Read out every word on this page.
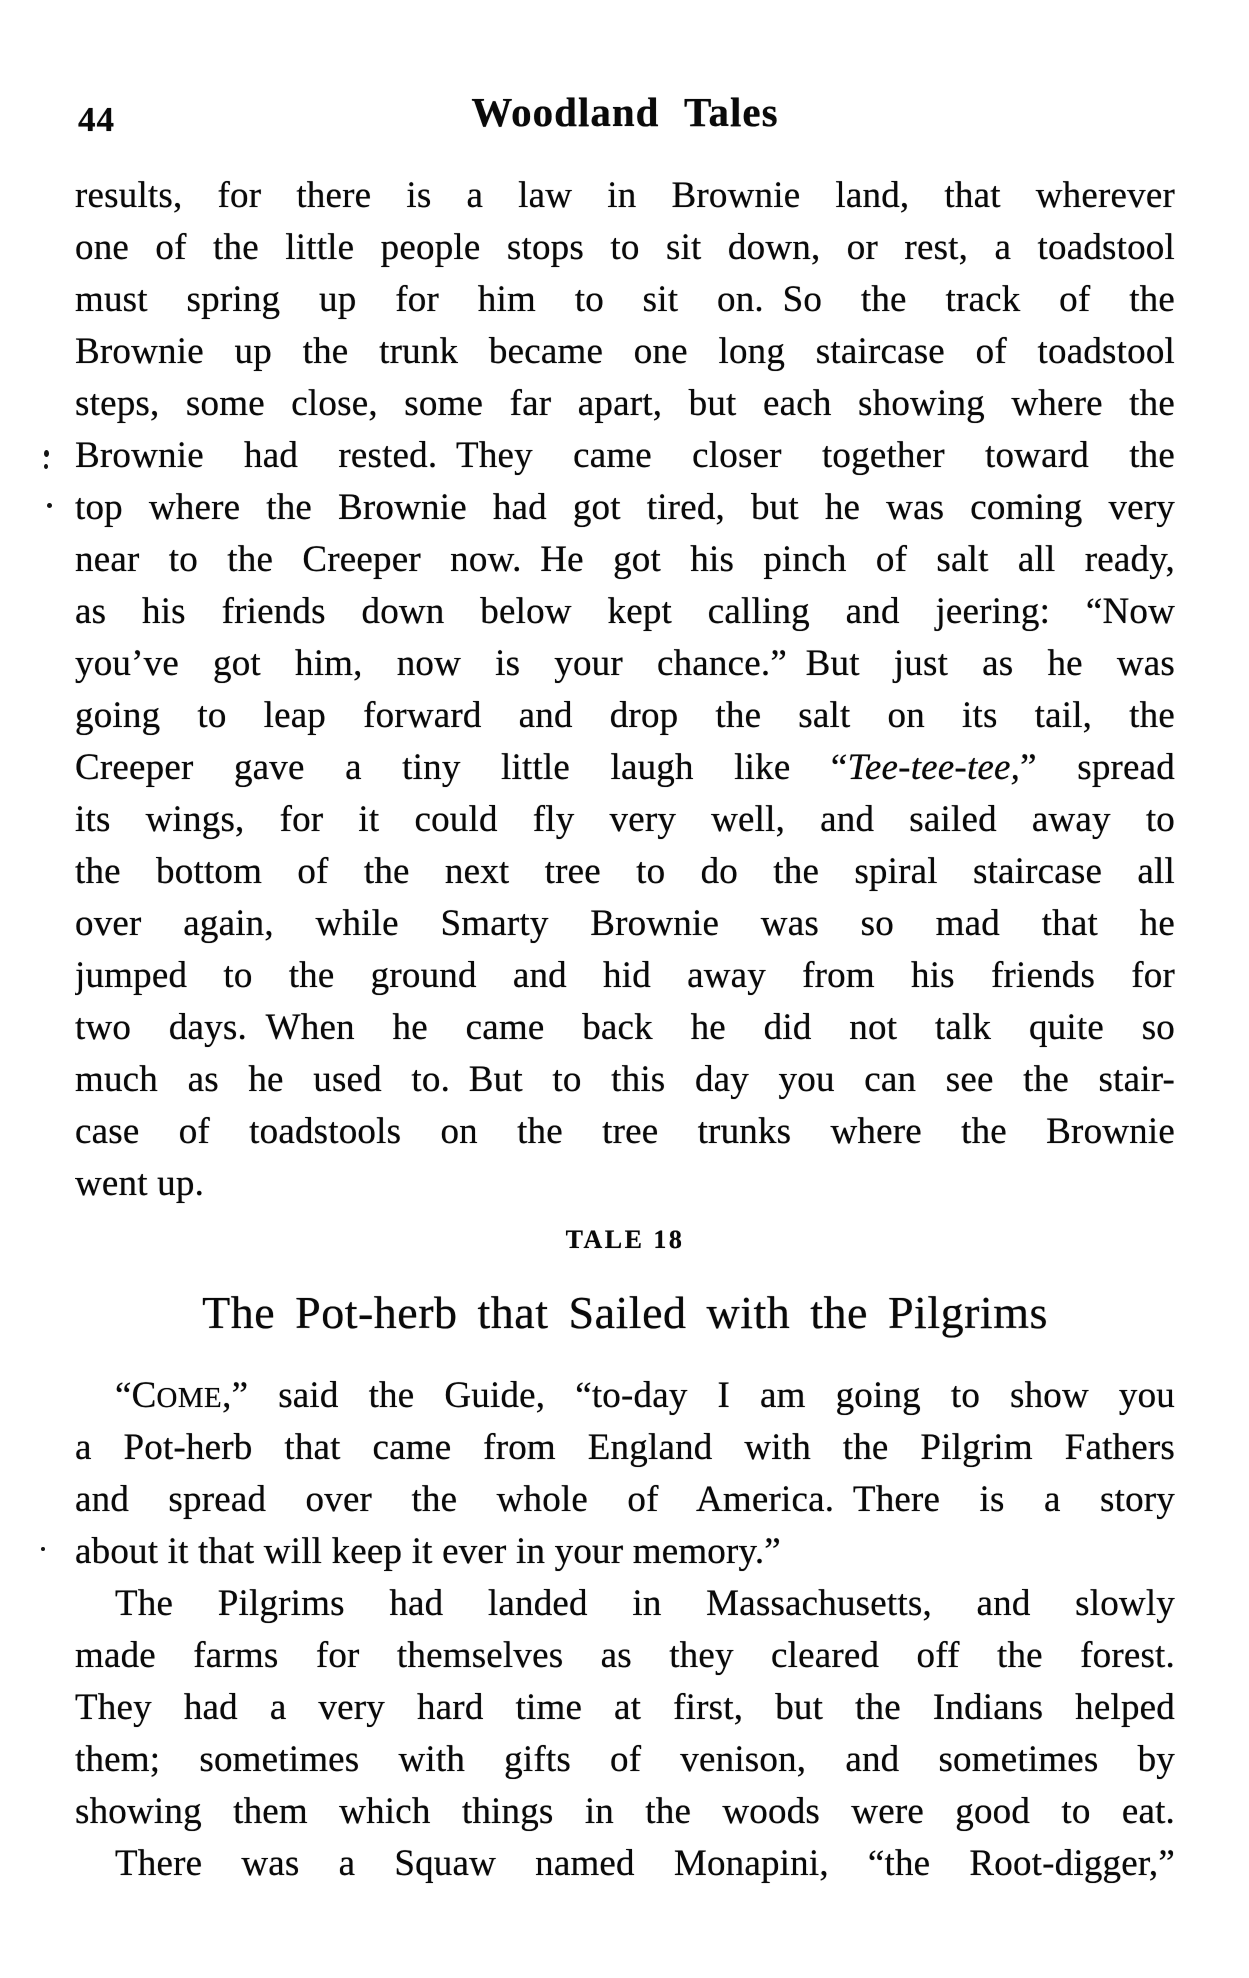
44	Woodland Tales
results, for there is a law in Brownie land, that wherever
one of the little people stops to sit down, or rest, a toadstool
must spring up for him to sit on. So the track of the
Brownie up the trunk became one long staircase of toadstool
steps, some close, some far apart, but each showing where the
Brownie had rested. They came closer together toward the
top where the Brownie had got tired, but he was coming very
near to the Creeper now. He got his pinch of salt all ready,
as his friends down below kept calling and jeering: “Now
you’ve got him, now is your chance.” But just as he was
going to leap forward and drop the salt on its tail, the
Creeper gave a tiny little laugh like “Tee-tee-tee,” spread
its wings, for it could fly very well, and sailed away to
the bottom of the next tree to do the spiral staircase all
over again, while Smarty Brownie was so mad that he
jumped to the ground and hid away from his friends for
two days. When he came back he did not talk quite so
much as he used to. But to this day you can see the stair-
case of toadstools on the tree trunks where the Brownie
went up.
TALE 18
The Pot-herb that Sailed with the Pilgrims
“COME,” said the Guide, “to-day I am going to show you
a Pot-herb that came from England with the Pilgrim Fathers
and spread over the whole of America. There is a story
about it that will keep it ever in your memory.”
The Pilgrims had landed in Massachusetts, and slowly
made farms for themselves as they cleared off the forest.
They had a very hard time at first, but the Indians helped
them; sometimes with gifts of venison, and sometimes by
showing them which things in the woods were good to eat.
There was a Squaw named Monapini, “the Root-digger,”
